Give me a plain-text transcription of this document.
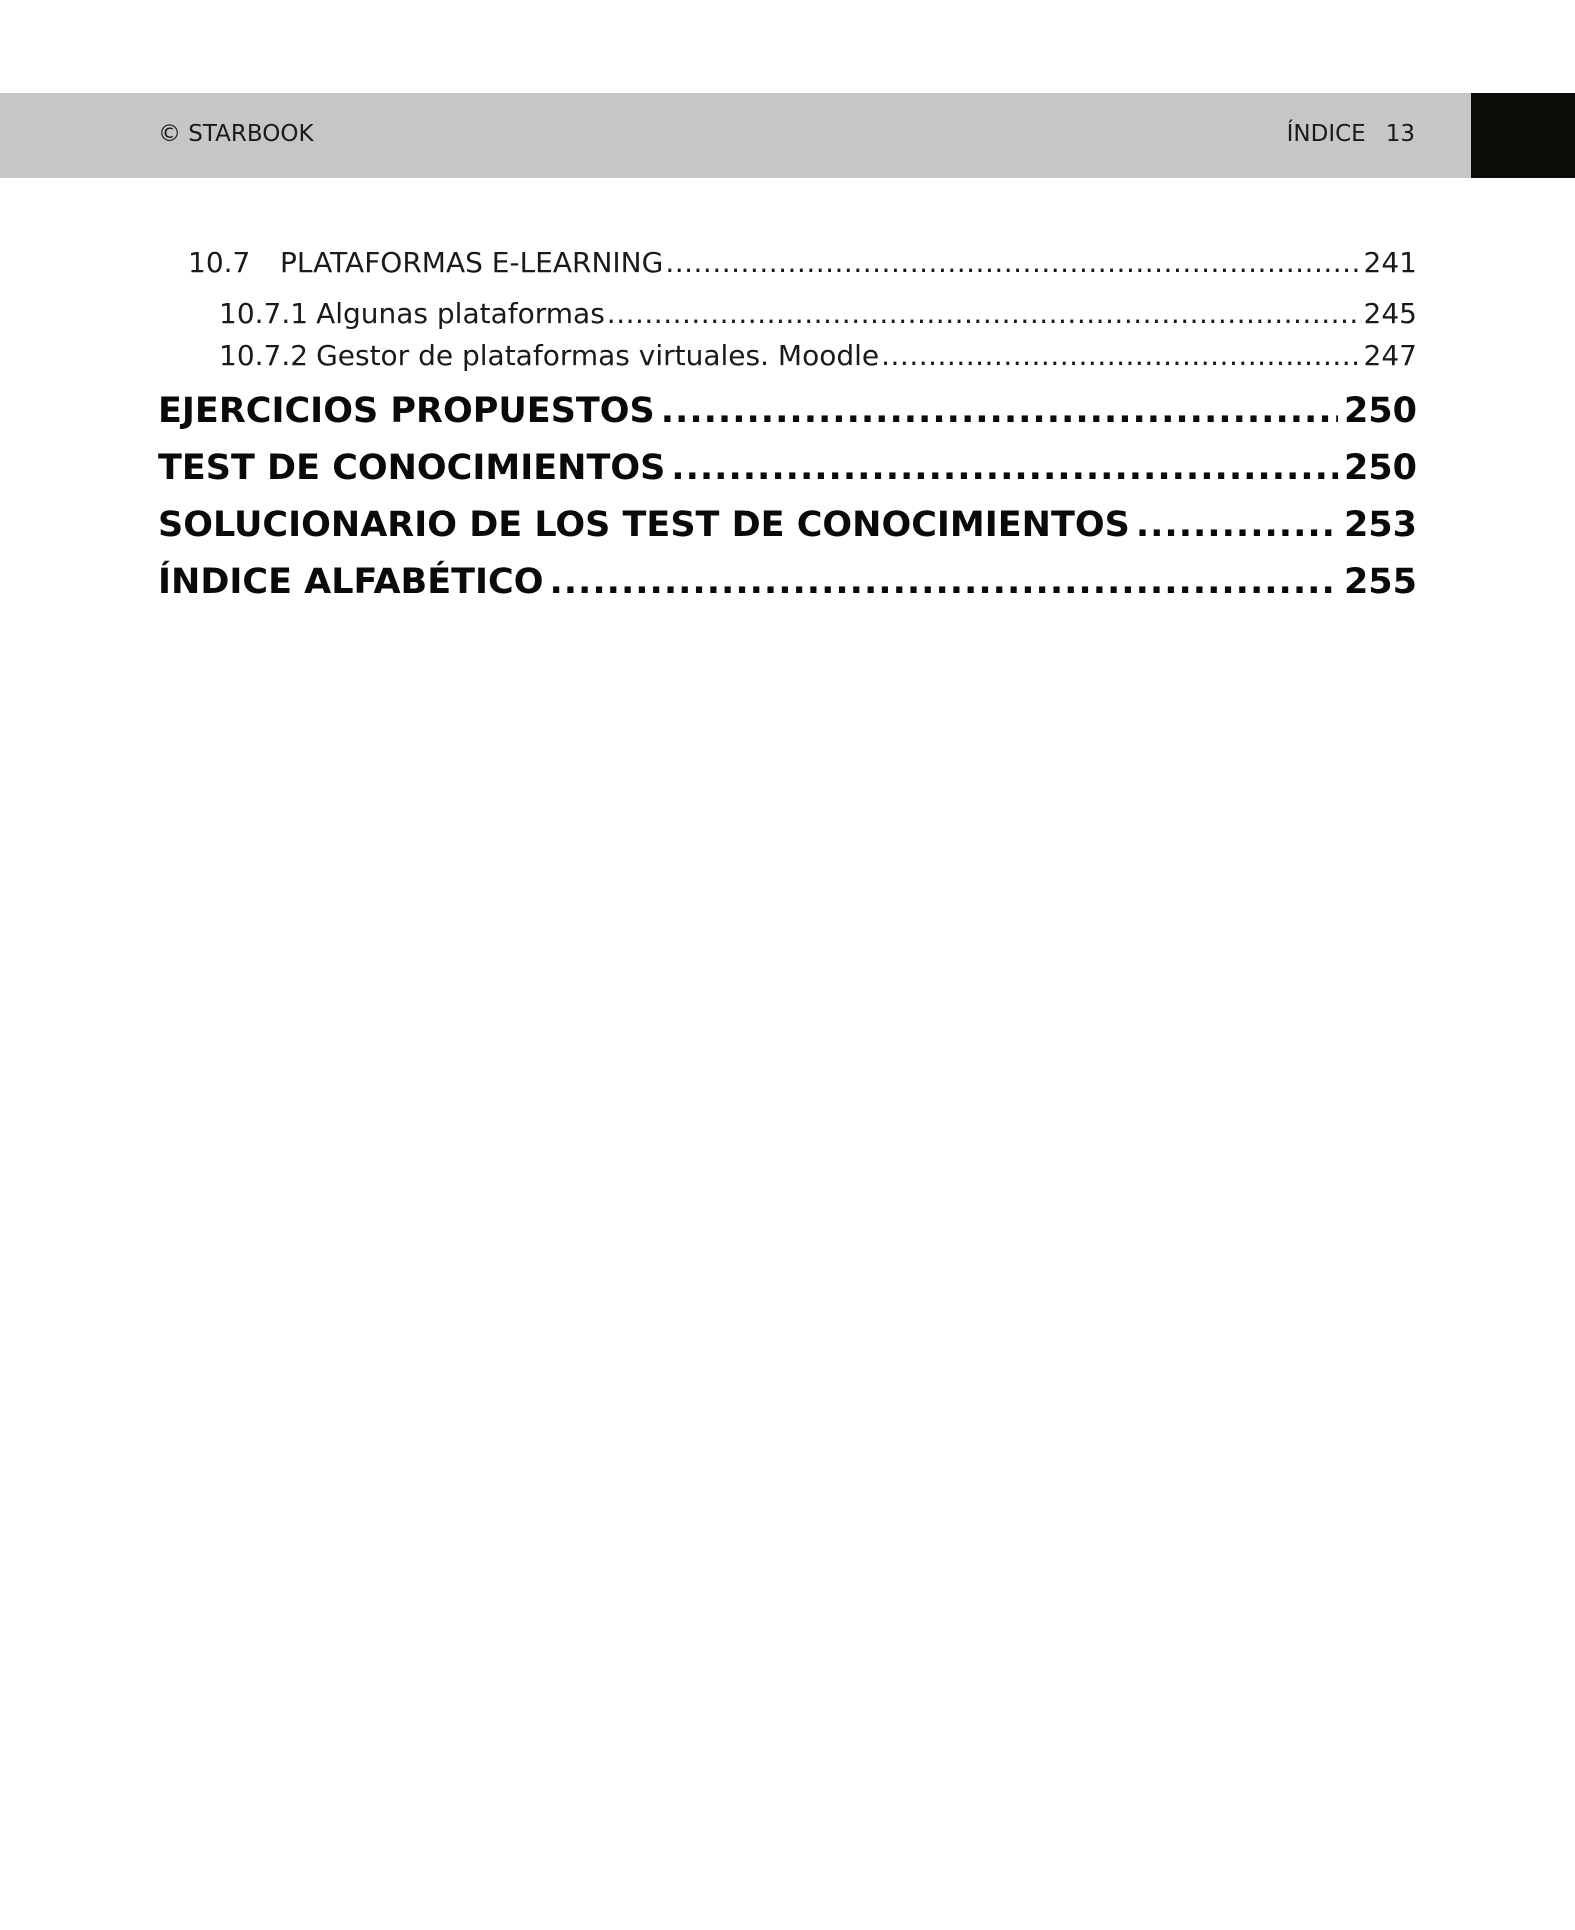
© STARBOOK	ÍNDICE 13
10.7 PLATAFORMAS E-LEARNING .....	241
10.7.1 Algunas plataformas .....	245
10.7.2 Gestor de plataformas virtuales. Moodle .....	247
EJERCICIOS PROPUESTOS .....	250
TEST DE CONOCIMIENTOS .....	250
SOLUCIONARIO DE LOS TEST DE CONOCIMIENTOS .....	253
ÍNDICE ALFABÉTICO .....	255
